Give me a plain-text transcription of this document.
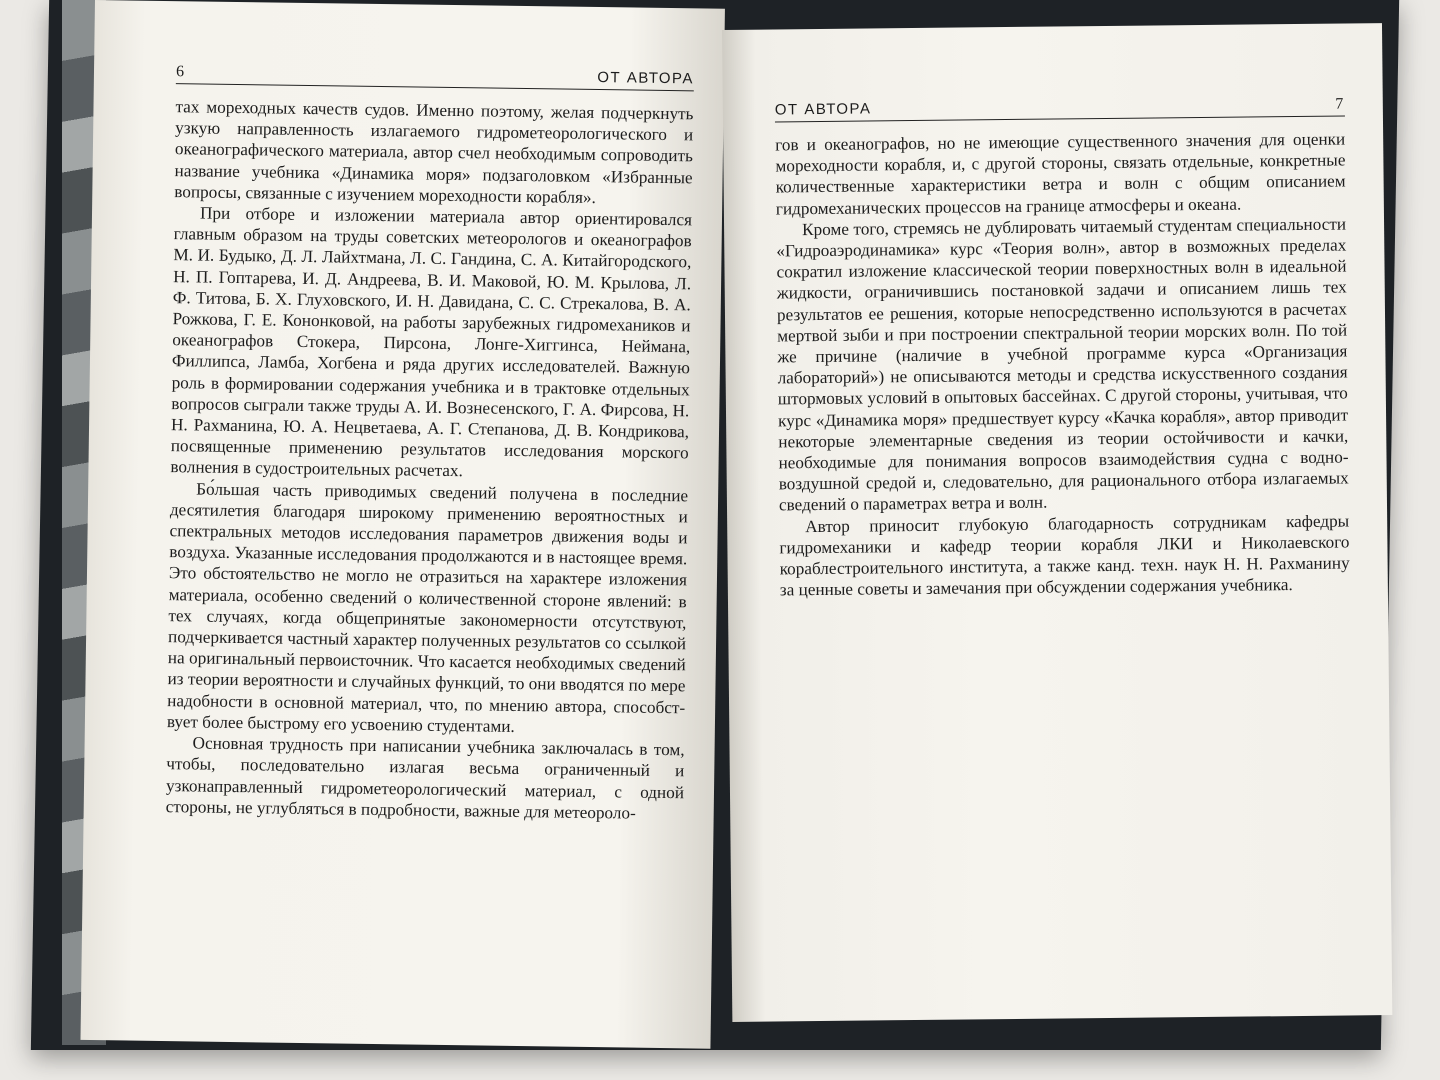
6	ОТ АВТОРА

тах мореходных качеств судов. Именно поэтому, желая подчеркнуть узкую направленность излагаемого гидрометеорологического и океанографического материала, автор счел необходимым сопроводить название учебника «Динамика моря» подзаголовком «Избранные вопросы, связанные с изучением мореходности корабля».

При отборе и изложении материала автор ориентировался главным образом на труды советских метеорологов и океанографов М. И. Будыко, Д. Л. Лайхтмана, Л. С. Гандина, С. А. Китайгородского, Н. П. Гоптарева, И. Д. Андреева, В. И. Маковой, Ю. М. Крылова, Л. Ф. Титова, Б. Х. Глуховского, И. Н. Давидана, С. С. Стрекалова, В. А. Рожкова, Г. Е. Кононковой, на работы зарубежных гидромехаников и океанографов Стокера, Пирсона, Лонге-Хиггинса, Неймана, Филлипса, Ламба, Хогбена и ряда других исследователей. Важную роль в формировании содержания учебника и в трактовке отдельных вопросов сыграли также труды А. И. Вознесенского, Г. А. Фирсова, Н. Н. Рахманина, Ю. А. Нецветаева, А. Г. Степанова, Д. В. Кондрикова, посвященные применению результатов исследования морского волнения в судостроительных расчетах.

Бо́льшая часть приводимых сведений получена в последние десятилетия благодаря широкому применению вероятностных и спектральных методов исследования параметров движения воды и воздуха. Указанные исследования продолжаются и в настоящее время. Это обстоятельство не могло не отразиться на характере изложения материала, особенно сведений о количественной стороне явлений: в тех случаях, когда общепринятые закономерности отсутствуют, подчеркивается частный характер полученных результатов со ссылкой на оригинальный первоисточник. Что касается необходимых сведений из теории вероятности и случайных функций, то они вводятся по мере надобности в основной материал, что, по мнению автора, способствует более быстрому его усвоению студентами.

Основная трудность при написании учебника заключалась в том, чтобы, последовательно излагая весьма ограниченный и узконаправленный гидрометеорологический материал, с одной стороны, не углубляться в подробности, важные для метеороло-

ОТ АВТОРА	7

гов и океанографов, но не имеющие существенного значения для оценки мореходности корабля, и, с другой стороны, связать отдельные, конкретные количественные характеристики ветра и волн с общим описанием гидромеханических процессов на границе атмосферы и океана.

Кроме того, стремясь не дублировать читаемый студентам специальности «Гидроаэродинамика» курс «Теория волн», автор в возможных пределах сократил изложение классической теории поверхностных волн в идеальной жидкости, ограничившись постановкой задачи и описанием лишь тех результатов ее решения, которые непосредственно используются в расчетах мертвой зыби и при построении спектральной теории морских волн. По той же причине (наличие в учебной программе курса «Организация лабораторий») не описываются методы и средства искусственного создания штормовых условий в опытовых бассейнах. С другой стороны, учитывая, что курс «Динамика моря» предшествует курсу «Качка корабля», автор приводит некоторые элементарные сведения из теории остойчивости и качки, необходимые для понимания вопросов взаимодействия судна с водно-воздушной средой и, следовательно, для рационального отбора излагаемых сведений о параметрах ветра и волн.

Автор приносит глубокую благодарность сотрудникам кафедры гидромеханики и кафедр теории корабля ЛКИ и Николаевского кораблестроительного института, а также канд. техн. наук Н. Н. Рахманину за ценные советы и замечания при обсуждении содержания учебника.
